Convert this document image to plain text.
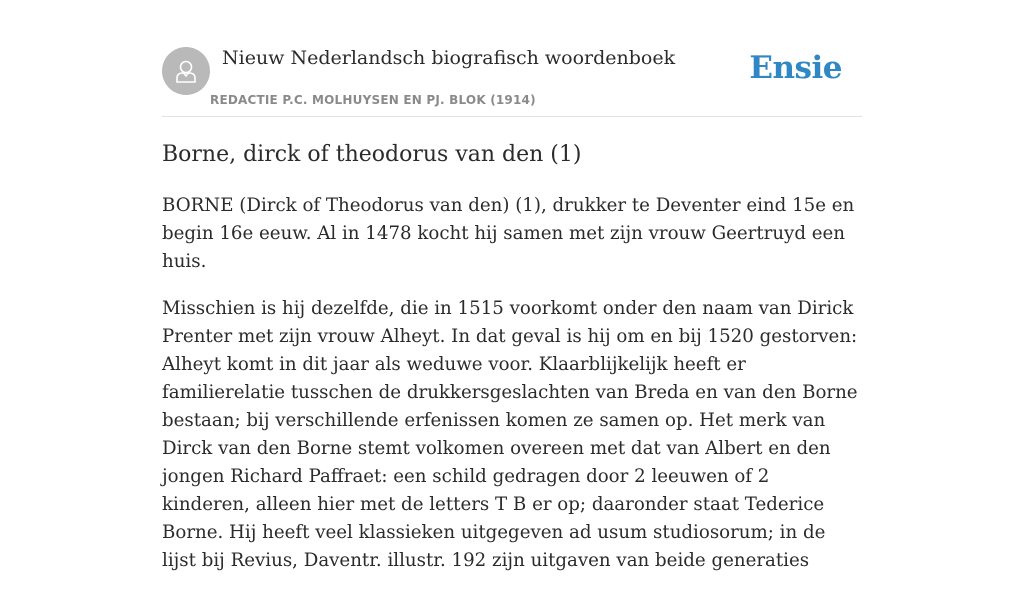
Nieuw Nederlandsch biografisch woordenboek
REDACTIE P.C. MOLHUYSEN EN PJ. BLOK (1914)
Ensie
Borne, dirck of theodorus van den (1)

BORNE (Dirck of Theodorus van den) (1), drukker te Deventer eind 15e en begin 16e eeuw. Al in 1478 kocht hij samen met zijn vrouw Geertruyd een huis.

Misschien is hij dezelfde, die in 1515 voorkomt onder den naam van Dirick Prenter met zijn vrouw Alheyt. In dat geval is hij om en bij 1520 gestorven: Alheyt komt in dit jaar als weduwe voor. Klaarblijkelijk heeft er familierelatie tusschen de drukkersgeslachten van Breda en van den Borne bestaan; bij verschillende erfenissen komen ze samen op. Het merk van Dirck van den Borne stemt volkomen overeen met dat van Albert en den jongen Richard Paffraet: een schild gedragen door 2 leeuwen of 2 kinderen, alleen hier met de letters T B er op; daaronder staat Tederice Borne. Hij heeft veel klassieken uitgegeven ad usum studiosorum; in de lijst bij Revius, Daventr. illustr. 192 zijn uitgaven van beide generaties
